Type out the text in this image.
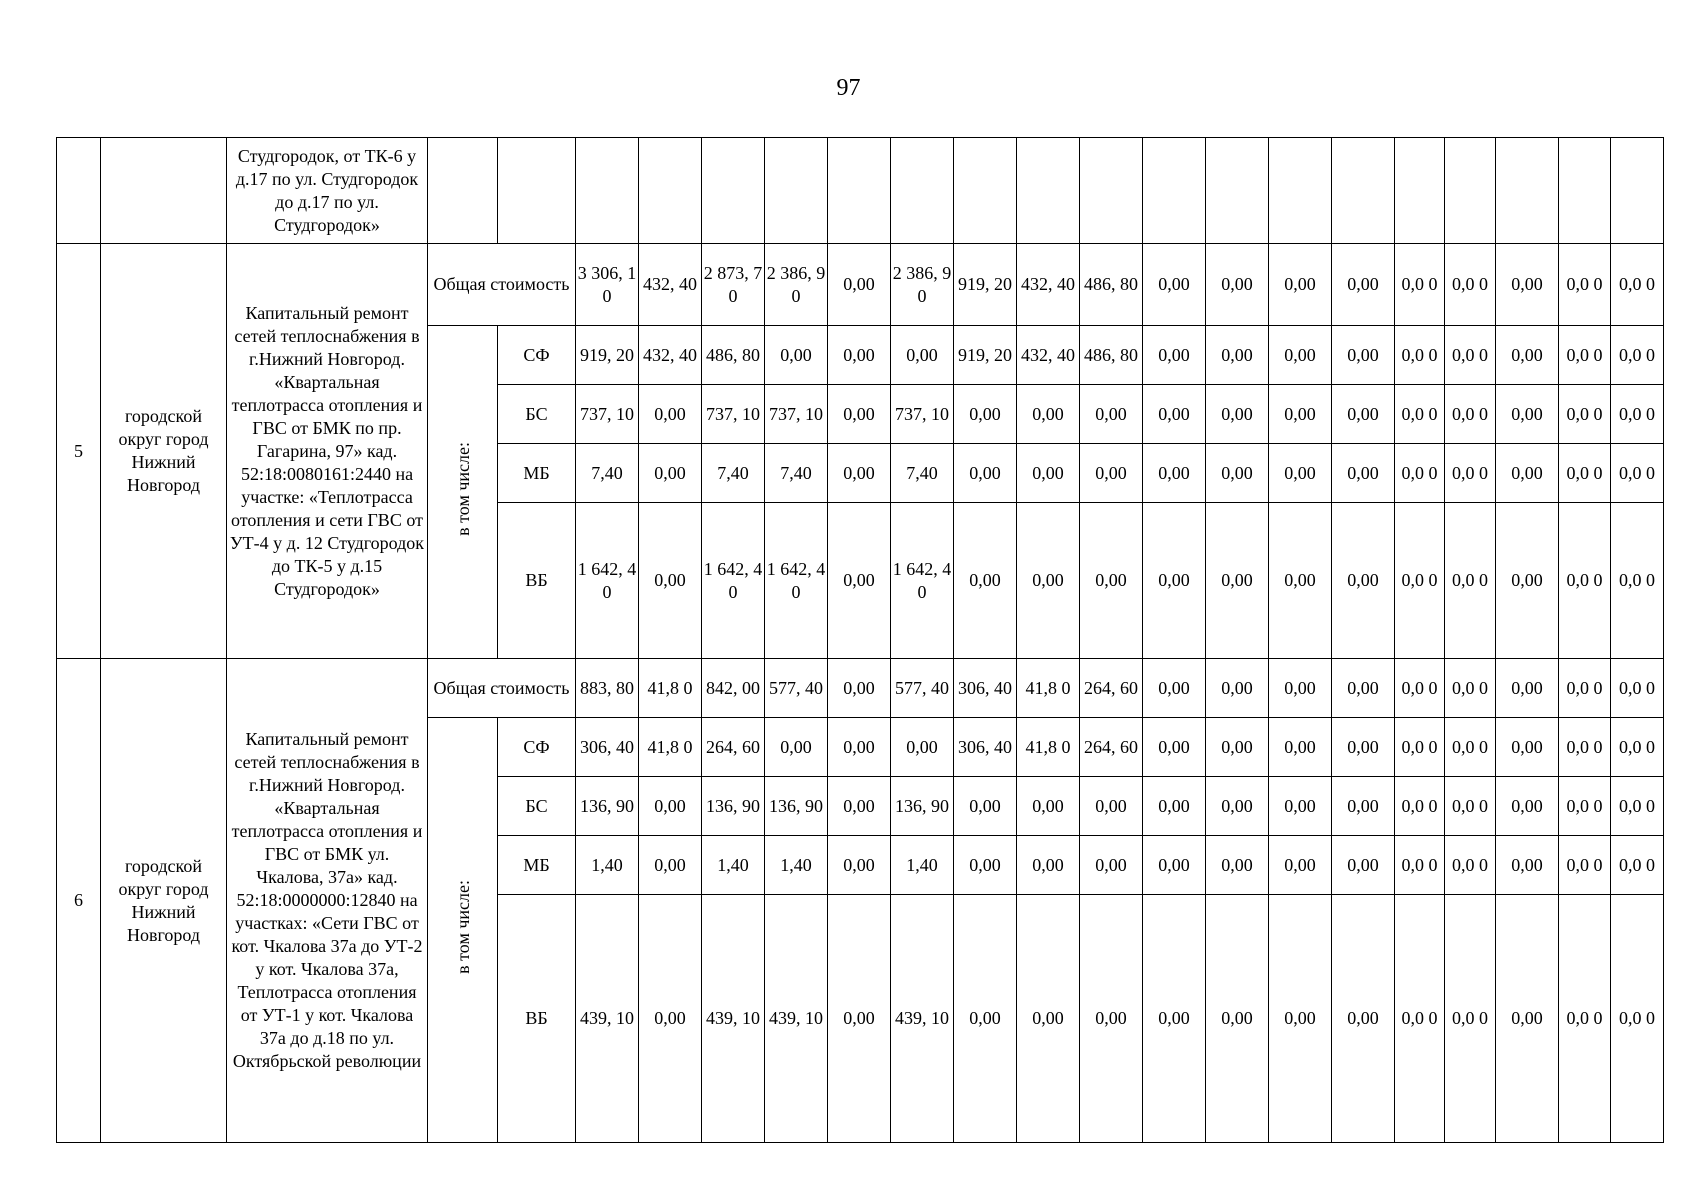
97
		Студгородок, от ТК-6 у д.17 по ул. Студгородок до д.17 по ул. Студгородок»																				
5	городской округ город Нижний Новгород	Капитальный ремонт сетей теплоснабжения в г.Нижний Новгород. «Квартальная теплотрасса отопления и ГВС от БМК по пр. Гагарина, 97» кад. 52:18:0080161:2440 на участке: «Теплотрасса отопления и сети ГВС от УТ-4 у д. 12 Студгородок до ТК-5 у д.15 Студгородок»	Общая стоимость		3 306, 10	432, 40	2 873, 70	2 386, 90	0,00	2 386, 90	919, 20	432, 40	486, 80	0,00	0,00	0,00	0,00	0,0 0	0,0 0	0,00	0,0 0	0,0 0
			в том числе:	СФ	919, 20	432, 40	486, 80	0,00	0,00	0,00	919, 20	432, 40	486, 80	0,00	0,00	0,00	0,00	0,0 0	0,0 0	0,00	0,0 0	0,0 0
				БС	737, 10	0,00	737, 10	737, 10	0,00	737, 10	0,00	0,00	0,00	0,00	0,00	0,00	0,00	0,0 0	0,0 0	0,00	0,0 0	0,0 0
				МБ	7,40	0,00	7,40	7,40	0,00	7,40	0,00	0,00	0,00	0,00	0,00	0,00	0,00	0,0 0	0,0 0	0,00	0,0 0	0,0 0
				ВБ	1 642, 40	0,00	1 642, 40	1 642, 40	0,00	1 642, 40	0,00	0,00	0,00	0,00	0,00	0,00	0,00	0,0 0	0,0 0	0,00	0,0 0	0,0 0
6	городской округ город Нижний Новгород	Капитальный ремонт сетей теплоснабжения в г.Нижний Новгород. «Квартальная теплотрасса отопления и ГВС от БМК ул. Чкалова, 37а» кад. 52:18:0000000:12840 на участках: «Сети ГВС от кот. Чкалова 37а до УТ-2 у кот. Чкалова 37а, Теплотрасса отопления от УТ-1 у кот. Чкалова 37а до д.18 по ул. Октябрьской революции	Общая стоимость		883, 80	41,8 0	842, 00	577, 40	0,00	577, 40	306, 40	41,8 0	264, 60	0,00	0,00	0,00	0,00	0,0 0	0,0 0	0,00	0,0 0	0,0 0
			в том числе:	СФ	306, 40	41,8 0	264, 60	0,00	0,00	0,00	306, 40	41,8 0	264, 60	0,00	0,00	0,00	0,00	0,0 0	0,0 0	0,00	0,0 0	0,0 0
				БС	136, 90	0,00	136, 90	136, 90	0,00	136, 90	0,00	0,00	0,00	0,00	0,00	0,00	0,00	0,0 0	0,0 0	0,00	0,0 0	0,0 0
				МБ	1,40	0,00	1,40	1,40	0,00	1,40	0,00	0,00	0,00	0,00	0,00	0,00	0,00	0,0 0	0,0 0	0,00	0,0 0	0,0 0
				ВБ	439, 10	0,00	439, 10	439, 10	0,00	439, 10	0,00	0,00	0,00	0,00	0,00	0,00	0,00	0,0 0	0,0 0	0,00	0,0 0	0,0 0
